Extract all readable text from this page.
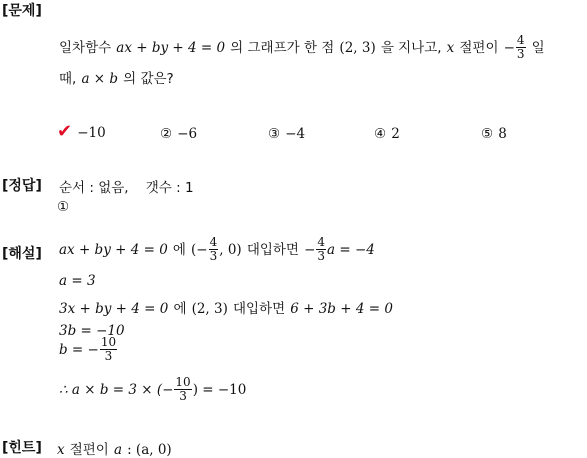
[문제]
일차함수 ax + by + 4 = 0 의 그래프가 한 점 (2, 3) 을 지나고, x 절편이 − $\frac{4}{3}$ 일
때, a × b 의 값은?
✔ −10	② −6	③ −4	④ 2	⑤ 8
[정답] 순서 : 없음, 갯수 : 1
①
[해설] ax + by + 4 = 0 에 (− $\frac{4}{3}$ , 0) 대입하면 − $\frac{4}{3}$ a = −4
a = 3
3x + by + 4 = 0 에 (2, 3) 대입하면 6 + 3b + 4 = 0
3b = −10
b = − $\frac{10}{3}$
∴ a × b = 3 × (− $\frac{10}{3}$ ) = −10
[힌트] x 절편이 a : (a, 0)
